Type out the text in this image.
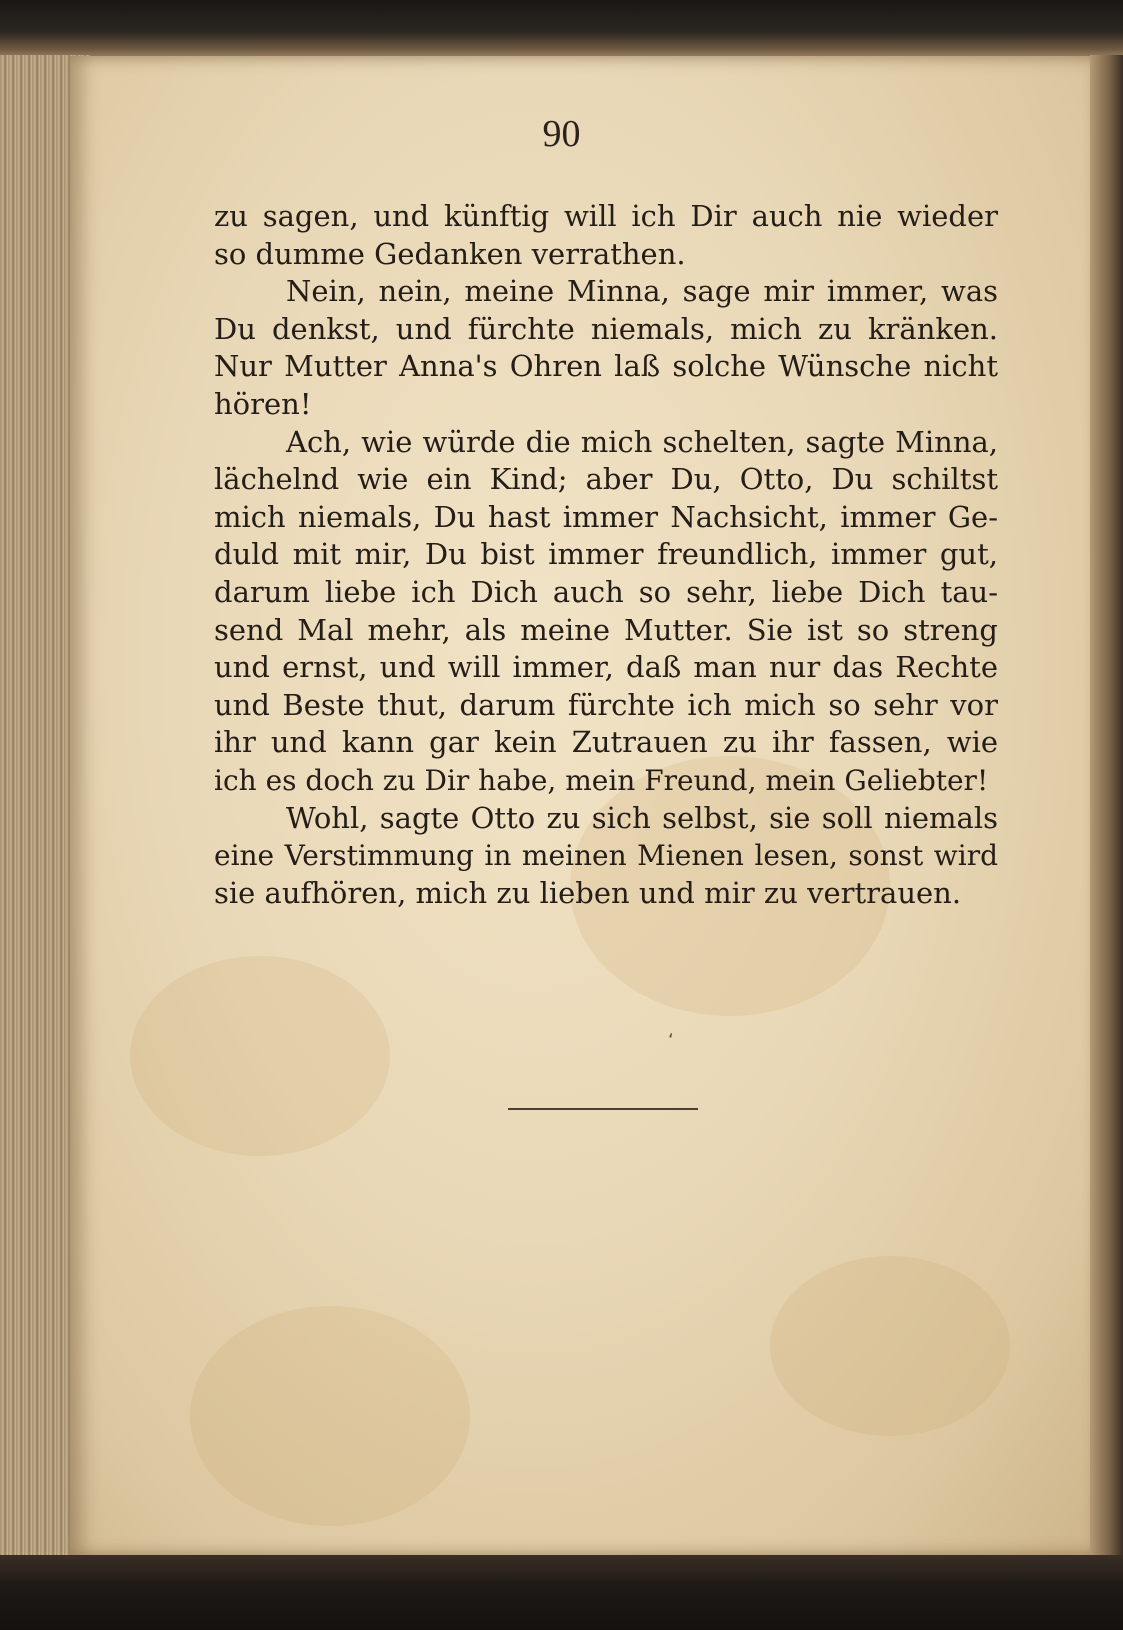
90
zu sagen, und künftig will ich Dir auch nie wieder
so dumme Gedanken verrathen.
Nein, nein, meine Minna, sage mir immer, was
Du denkst, und fürchte niemals, mich zu kränken.
Nur Mutter Anna's Ohren laß solche Wünsche nicht
hören!
Ach, wie würde die mich schelten, sagte Minna,
lächelnd wie ein Kind; aber Du, Otto, Du schiltst
mich niemals, Du hast immer Nachsicht, immer Ge-
duld mit mir, Du bist immer freundlich, immer gut,
darum liebe ich Dich auch so sehr, liebe Dich tau-
send Mal mehr, als meine Mutter. Sie ist so streng
und ernst, und will immer, daß man nur das Rechte
und Beste thut, darum fürchte ich mich so sehr vor
ihr und kann gar kein Zutrauen zu ihr fassen, wie
ich es doch zu Dir habe, mein Freund, mein Geliebter!
Wohl, sagte Otto zu sich selbst, sie soll niemals
eine Verstimmung in meinen Mienen lesen, sonst wird
sie aufhören, mich zu lieben und mir zu vertrauen.
ʻ
